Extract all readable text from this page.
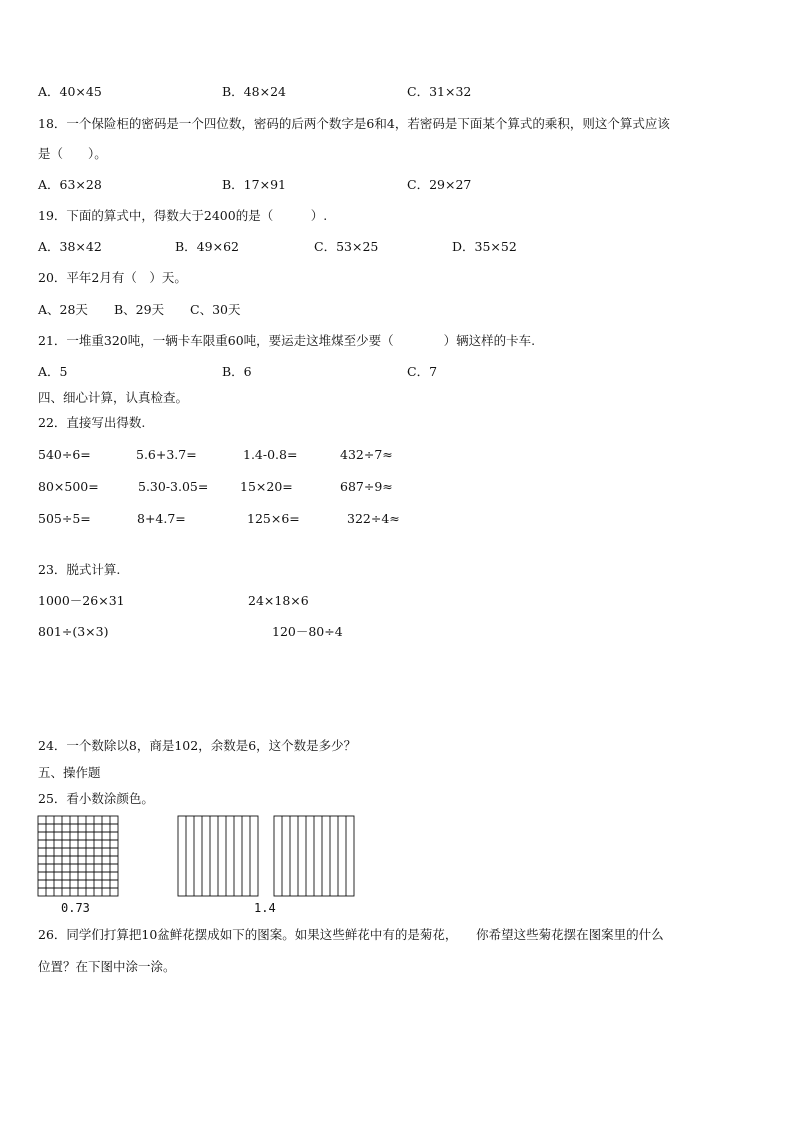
A．40×45	B．48×24	C．31×32
18．一个保险柜的密码是一个四位数，密码的后两个数字是6和4，若密码是下面某个算式的乘积，则这个算式应该
是（　　）。
A．63×28	B．17×91	C．29×27
19．下面的算式中，得数大于2400的是（　　　）.
A．38×42	B．49×62	C．53×25	D．35×52
20．平年2月有（　）天。
A、28天 B、29天 C、30天
21．一堆重320吨，一辆卡车限重60吨，要运走这堆煤至少要（　　　　）辆这样的卡车.
A．5	B．6	C．7
四、细心计算，认真检查。
22．直接写出得数.
540÷6=	5.6+3.7=	1.4-0.8=	432÷7≈
80×500=	5.30-3.05=	15×20=	687÷9≈
505÷5=	8+4.7=	125×6=	322÷4≈
23．脱式计算.
1000－26×31	24×18×6
801÷(3×3)	120－80÷4
24．一个数除以8，商是102，余数是6，这个数是多少？
五、操作题
25．看小数涂颜色。
0.73	1.4
26．同学们打算把10盆鲜花摆成如下的图案。如果这些鲜花中有的是菊花，　　你希望这些菊花摆在图案里的什么
位置？在下图中涂一涂。
